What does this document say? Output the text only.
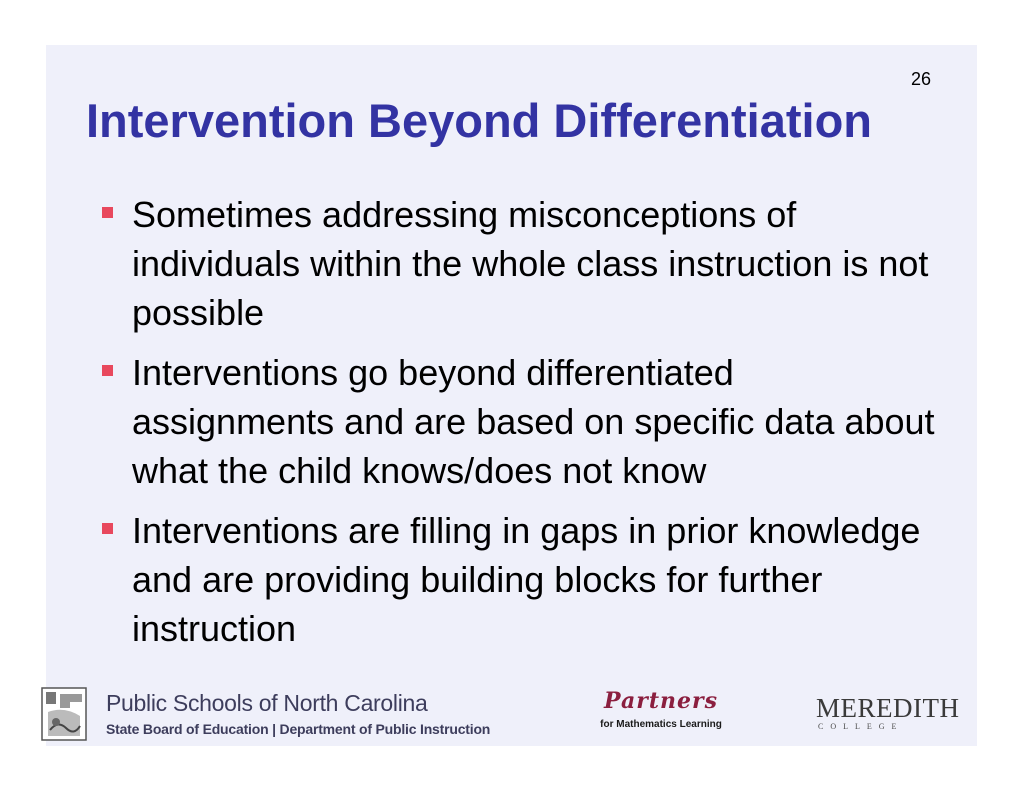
26
Intervention Beyond Differentiation
Sometimes addressing misconceptions of individuals within the whole class instruction is not possible
Interventions go beyond differentiated assignments and are based on specific data about what the child knows/does not know
Interventions are filling in gaps in prior knowledge and are providing building blocks for further instruction
Public Schools of North Carolina
State Board of Education | Department of Public Instruction
Partners
for Mathematics Learning
MEREDITH
COLLEGE
